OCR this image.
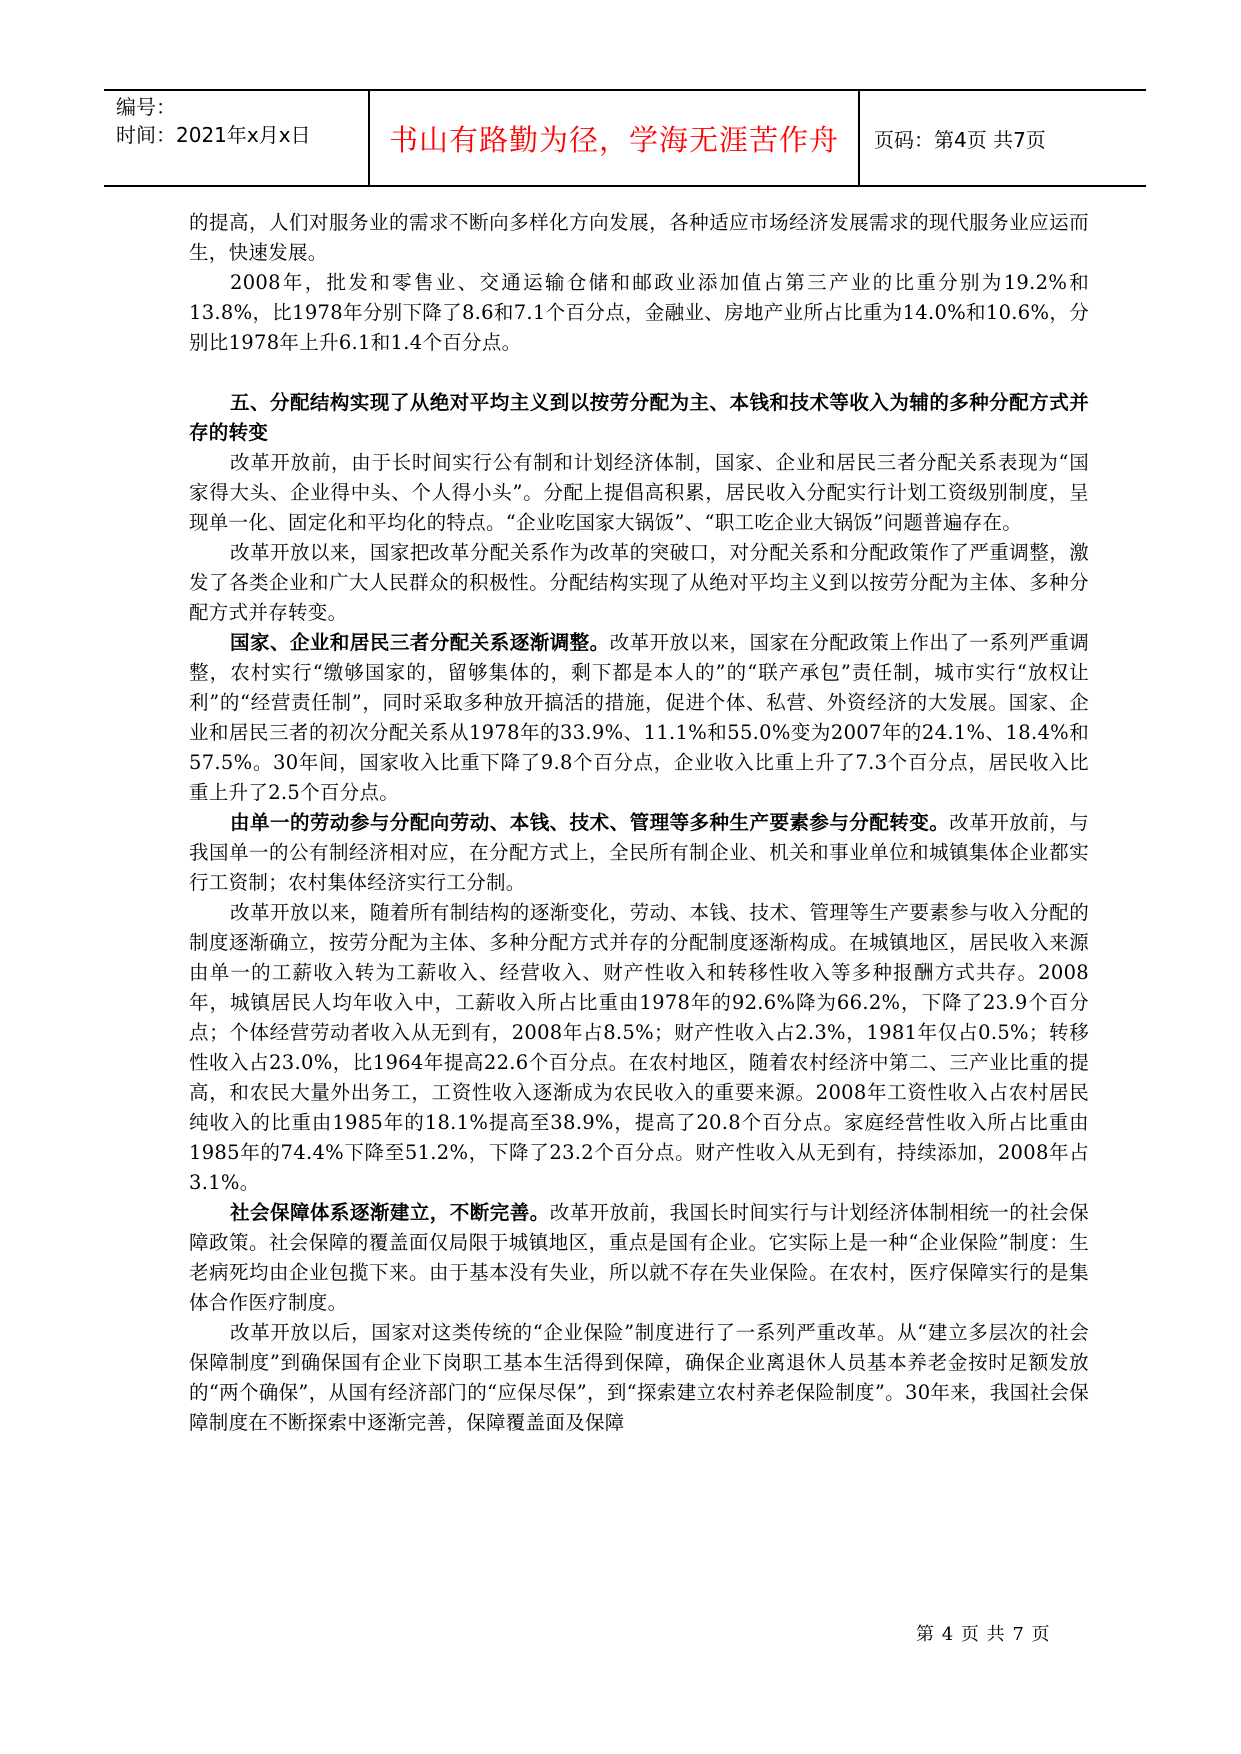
编号：
时间：2021年x月x日	书山有路勤为径，学海无涯苦作舟	页码：第4页 共7页

的提高，人们对服务业的需求不断向多样化方向发展，各种适应市场经济发展需求的现代服务业应运而生，快速发展。

2008年，批发和零售业、交通运输仓储和邮政业添加值占第三产业的比重分别为19.2%和13.8%，比1978年分别下降了8.6和7.1个百分点，金融业、房地产业所占比重为14.0%和10.6%，分别比1978年上升6.1和1.4个百分点。

五、分配结构实现了从绝对平均主义到以按劳分配为主、本钱和技术等收入为辅的多种分配方式并存的转变

改革开放前，由于长时间实行公有制和计划经济体制，国家、企业和居民三者分配关系表现为“国家得大头、企业得中头、个人得小头”。分配上提倡高积累，居民收入分配实行计划工资级别制度，呈现单一化、固定化和平均化的特点。“企业吃国家大锅饭”、“职工吃企业大锅饭”问题普遍存在。

改革开放以来，国家把改革分配关系作为改革的突破口，对分配关系和分配政策作了严重调整，激发了各类企业和广大人民群众的积极性。分配结构实现了从绝对平均主义到以按劳分配为主体、多种分配方式并存转变。

国家、企业和居民三者分配关系逐渐调整。改革开放以来，国家在分配政策上作出了一系列严重调整，农村实行“缴够国家的，留够集体的，剩下都是本人的”的“联产承包”责任制，城市实行“放权让利”的“经营责任制”，同时采取多种放开搞活的措施，促进个体、私营、外资经济的大发展。国家、企业和居民三者的初次分配关系从1978年的33.9%、11.1%和55.0%变为2007年的24.1%、18.4%和57.5%。30年间，国家收入比重下降了9.8个百分点，企业收入比重上升了7.3个百分点，居民收入比重上升了2.5个百分点。

由单一的劳动参与分配向劳动、本钱、技术、管理等多种生产要素参与分配转变。改革开放前，与我国单一的公有制经济相对应，在分配方式上，全民所有制企业、机关和事业单位和城镇集体企业都实行工资制；农村集体经济实行工分制。

改革开放以来，随着所有制结构的逐渐变化，劳动、本钱、技术、管理等生产要素参与收入分配的制度逐渐确立，按劳分配为主体、多种分配方式并存的分配制度逐渐构成。在城镇地区，居民收入来源由单一的工薪收入转为工薪收入、经营收入、财产性收入和转移性收入等多种报酬方式共存。2008年，城镇居民人均年收入中，工薪收入所占比重由1978年的92.6%降为66.2%，下降了23.9个百分点；个体经营劳动者收入从无到有，2008年占8.5%；财产性收入占2.3%，1981年仅占0.5%；转移性收入占23.0%，比1964年提高22.6个百分点。在农村地区，随着农村经济中第二、三产业比重的提高，和农民大量外出务工，工资性收入逐渐成为农民收入的重要来源。2008年工资性收入占农村居民纯收入的比重由1985年的18.1%提高至38.9%，提高了20.8个百分点。家庭经营性收入所占比重由1985年的74.4%下降至51.2%，下降了23.2个百分点。财产性收入从无到有，持续添加，2008年占3.1%。

社会保障体系逐渐建立，不断完善。改革开放前，我国长时间实行与计划经济体制相统一的社会保障政策。社会保障的覆盖面仅局限于城镇地区，重点是国有企业。它实际上是一种“企业保险”制度：生老病死均由企业包揽下来。由于基本没有失业，所以就不存在失业保险。在农村，医疗保障实行的是集体合作医疗制度。

改革开放以后，国家对这类传统的“企业保险”制度进行了一系列严重改革。从“建立多层次的社会保障制度”到确保国有企业下岗职工基本生活得到保障，确保企业离退休人员基本养老金按时足额发放的“两个确保”，从国有经济部门的“应保尽保”，到“探索建立农村养老保险制度”。30年来，我国社会保障制度在不断探索中逐渐完善，保障覆盖面及保障

第 4 页 共 7 页
